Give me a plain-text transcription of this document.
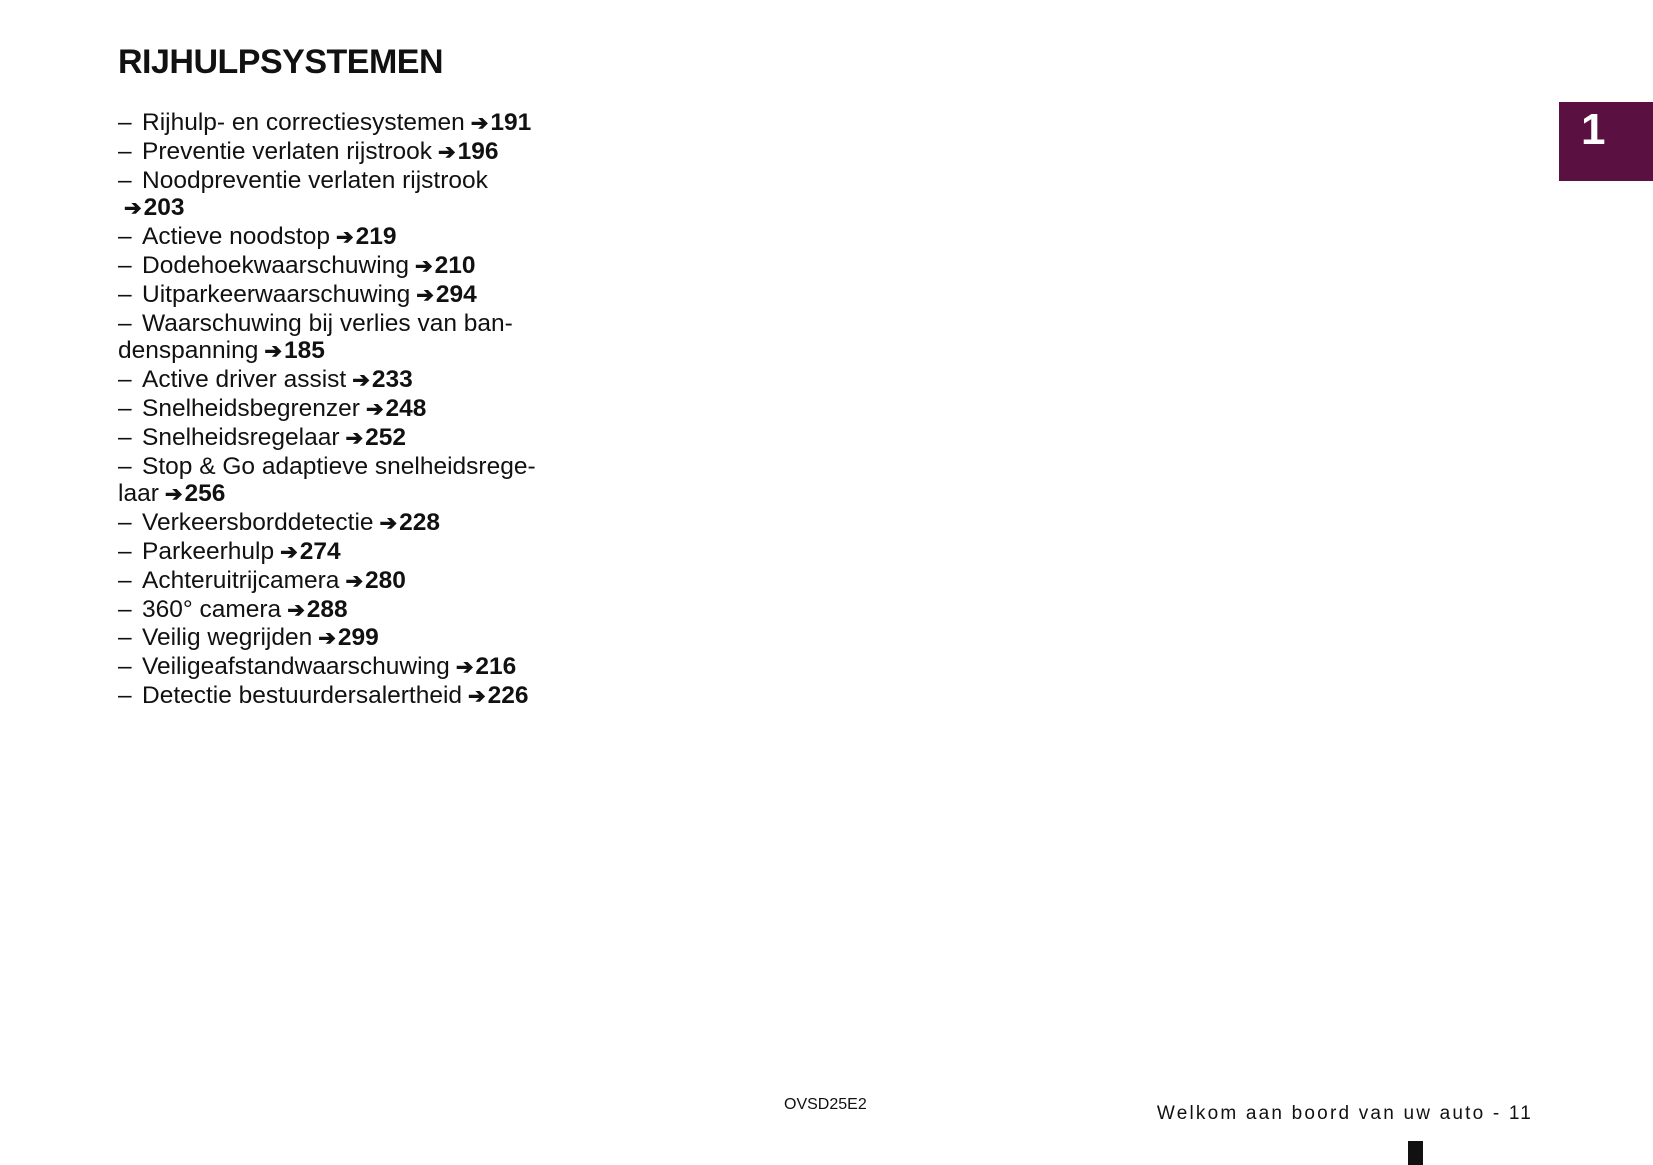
RIJHULPSYSTEMEN
– Rijhulp- en correctiesystemen ➔191
– Preventie verlaten rijstrook ➔196
– Noodpreventie verlaten rijstrook
➔203
– Actieve noodstop ➔219
– Dodehoekwaarschuwing ➔210
– Uitparkeerwaarschuwing ➔294
– Waarschuwing bij verlies van ban-
denspanning ➔185
– Active driver assist ➔233
– Snelheidsbegrenzer ➔248
– Snelheidsregelaar ➔252
– Stop & Go adaptieve snelheidsrege-
laar ➔256
– Verkeersborddetectie ➔228
– Parkeerhulp ➔274
– Achteruitrijcamera ➔280
– 360° camera ➔288
– Veilig wegrijden ➔299
– Veiligeafstandwaarschuwing ➔216
– Detectie bestuurdersalertheid ➔226
1
OVSD25E2	Welkom aan boord van uw auto - 11
